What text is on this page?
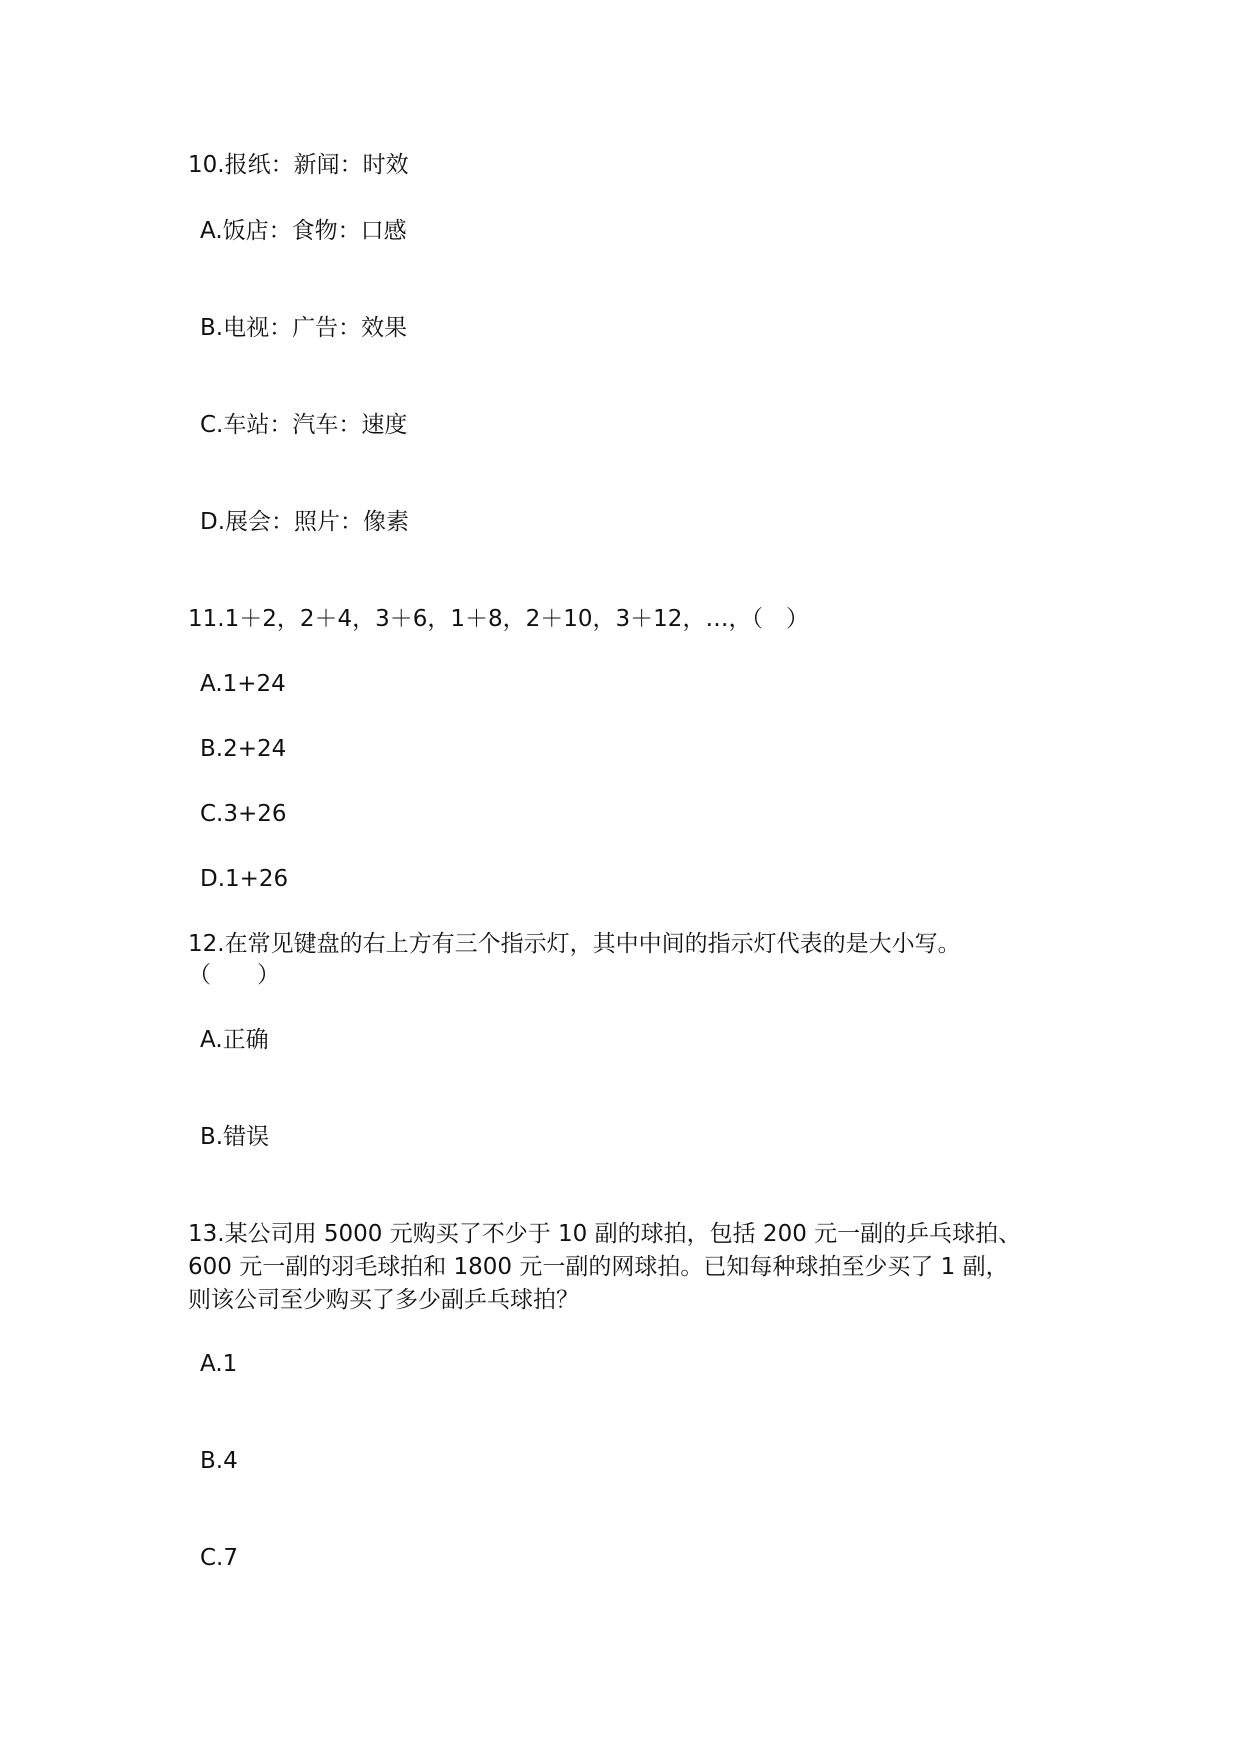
10.报纸：新闻：时效

A.饭店：食物：口感

B.电视：广告：效果

C.车站：汽车：速度

D.展会：照片：像素

11.1＋2，2＋4，3＋6，1＋8，2＋10，3＋12，…，（　）

A.1+24

B.2+24

C.3+26

D.1+26

12.在常见键盘的右上方有三个指示灯，其中中间的指示灯代表的是大小写。

（　　）

A.正确

B.错误

13.某公司用 5000 元购买了不少于 10 副的球拍，包括 200 元一副的乒乓球拍、

600 元一副的羽毛球拍和 1800 元一副的网球拍。已知每种球拍至少买了 1 副，

则该公司至少购买了多少副乒乓球拍？

A.1

B.4

C.7
